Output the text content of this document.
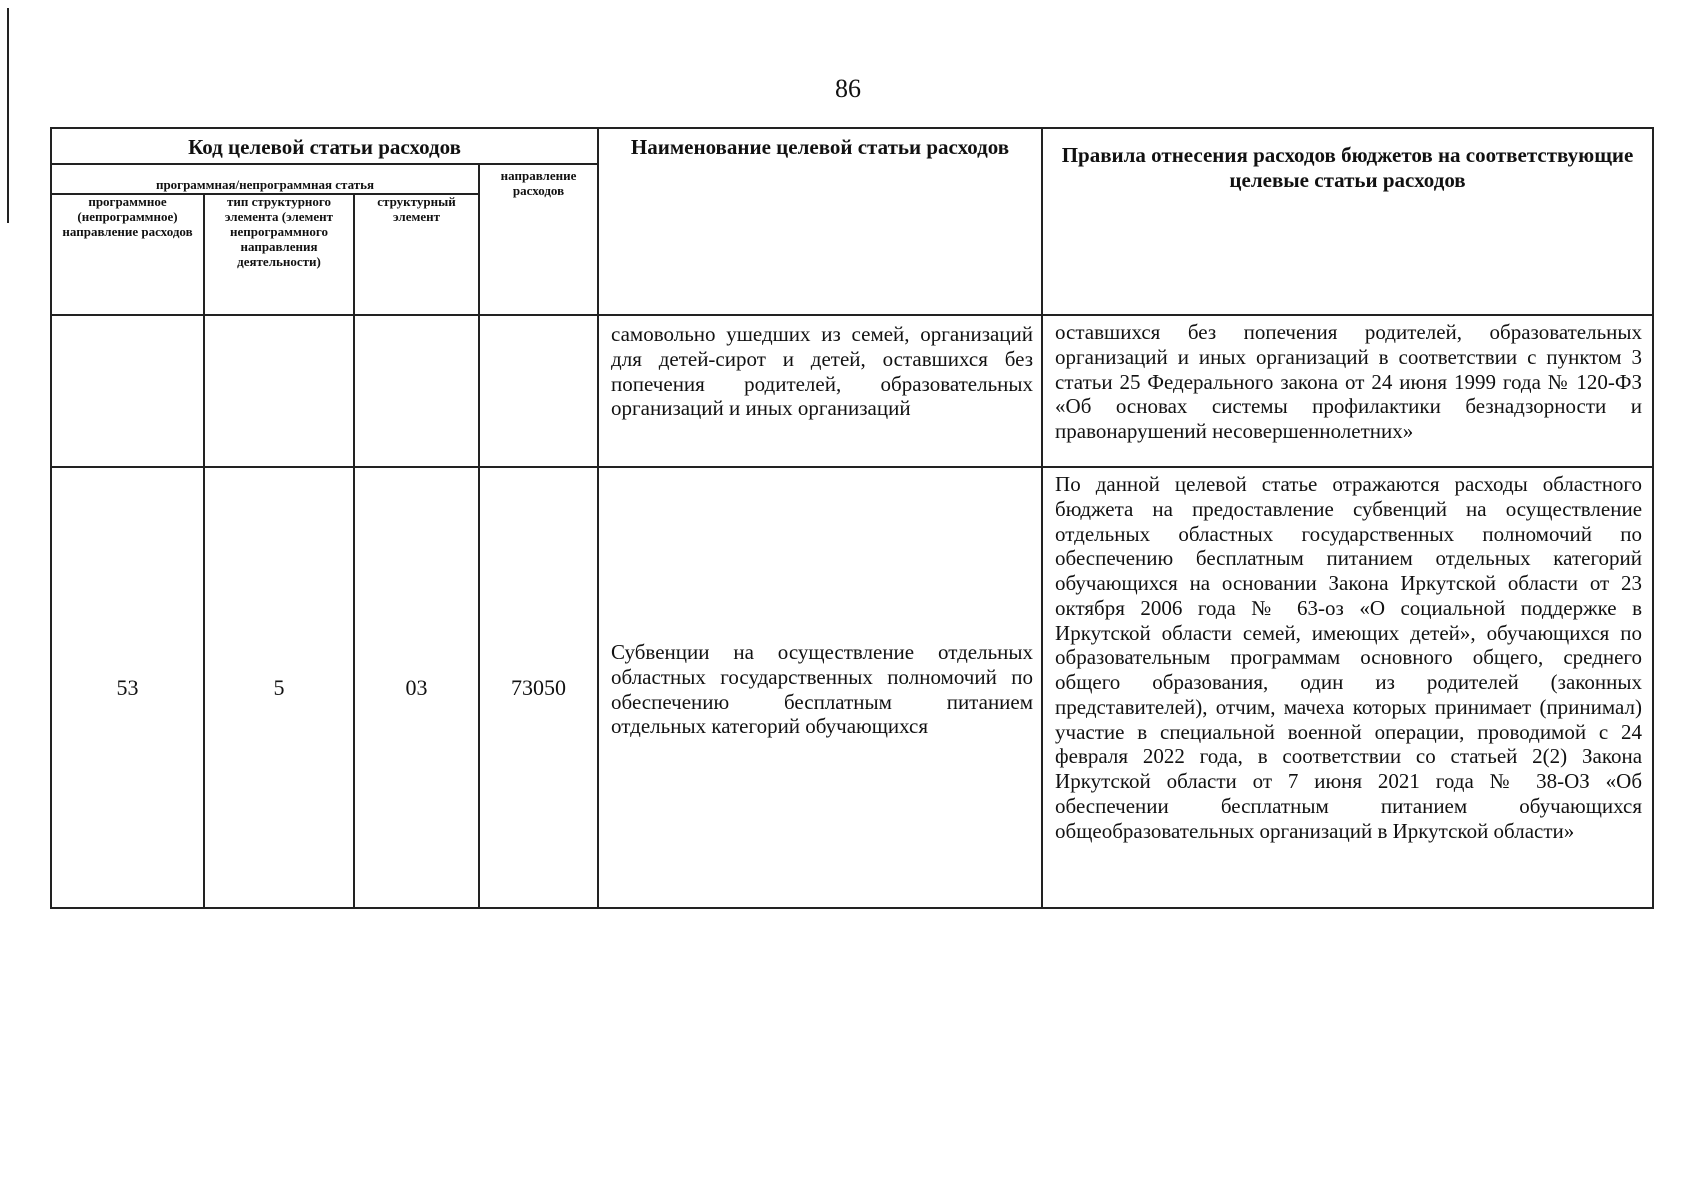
86
Код целевой статьи расходов				Наименование целевой статьи расходов	Правила отнесения расходов бюджетов на соответствующие целевые статьи расходов
программная/непрограммная статья			направление расходов		
программное (непрограммное) направление расходов	тип структурного элемента (элемент непрограммного направления деятельности)	структурный элемент			
				самовольно ушедших из семей, организаций для детей-сирот и детей, оставшихся без попечения родителей, образовательных организаций и иных организаций	оставшихся без попечения родителей, образовательных организаций и иных организаций в соответствии с пунктом 3 статьи 25 Федерального закона от 24 июня 1999 года № 120-ФЗ «Об основах системы профилактики безнадзорности и правонарушений несовершеннолетних»
53	5	03	73050	Субвенции на осуществление отдельных областных государственных полномочий по обеспечению бесплатным питанием отдельных категорий обучающихся	По данной целевой статье отражаются расходы областного бюджета на предоставление субвенций на осуществление отдельных областных государственных полномочий по обеспечению бесплатным питанием отдельных категорий обучающихся на основании Закона Иркутской области от 23 октября 2006 года № 63-оз «О социальной поддержке в Иркутской области семей, имеющих детей», обучающихся по образовательным программам основного общего, среднего общего образования, один из родителей (законных представителей), отчим, мачеха которых принимает (принимал) участие в специальной военной операции, проводимой с 24 февраля 2022 года, в соответствии со статьей 2(2) Закона Иркутской области от 7 июня 2021 года № 38-ОЗ «Об обеспечении бесплатным питанием обучающихся общеобразовательных организаций в Иркутской области»
